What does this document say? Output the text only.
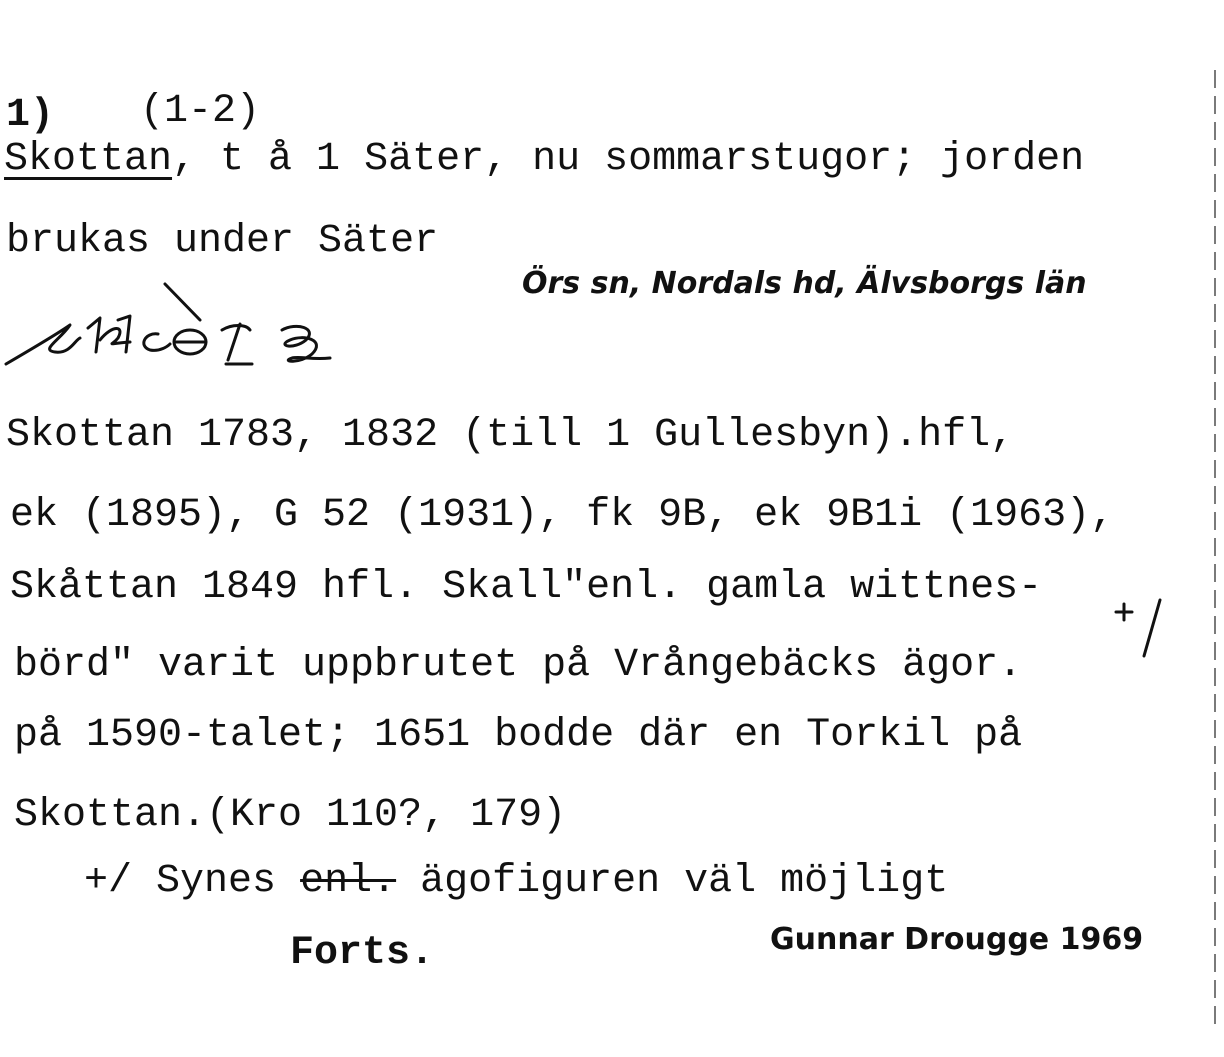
1) (1-2)
Skottan, t å 1 Säter, nu sommarstugor; jorden
brukas under Säter
Örs sn, Nordals hd, Älvsborgs län
Skottan 1783, 1832 (till 1 Gullesbyn).hfl,
ek (1895), G 52 (1931), fk 9B, ek 9B1i (1963),
Skåttan 1849 hfl. Skall"enl. gamla wittnes-
börd" varit uppbrutet på Vrångebäcks ägor.
på 1590-talet; 1651 bodde där en Torkil på
Skottan.(Kro 110?, 179)
+/ Synes enl. ägofiguren väl möjligt
Forts.	Gunnar Drougge 1969
